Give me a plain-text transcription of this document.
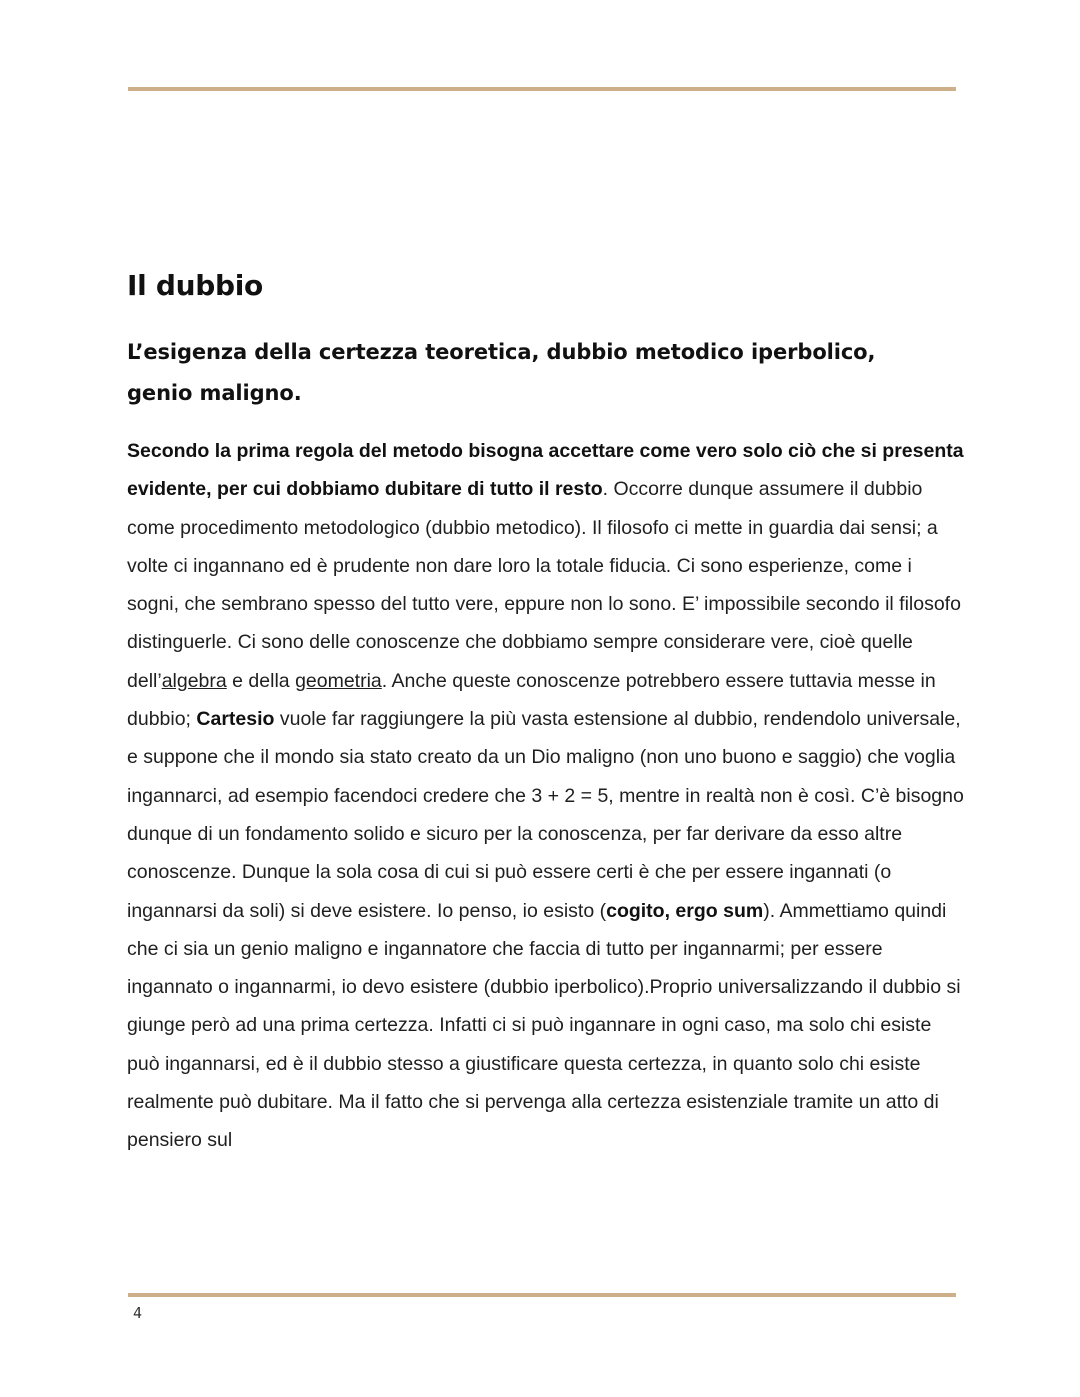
Il dubbio
L’esigenza della certezza teoretica, dubbio metodico iperbolico, genio maligno.

Secondo la prima regola del metodo bisogna accettare come vero solo ciò che si presenta evidente, per cui dobbiamo dubitare di tutto il resto. Occorre dunque assumere il dubbio come procedimento metodologico (dubbio metodico). Il filosofo ci mette in guardia dai sensi; a volte ci ingannano ed è prudente non dare loro la totale fiducia. Ci sono esperienze, come i sogni, che sembrano spesso del tutto vere, eppure non lo sono. E’ impossibile secondo il filosofo distinguerle. Ci sono delle conoscenze che dobbiamo sempre considerare vere, cioè quelle dell’algebra e della geometria. Anche queste conoscenze potrebbero essere tuttavia messe in dubbio; Cartesio vuole far raggiungere la più vasta estensione al dubbio, rendendolo universale, e suppone che il mondo sia stato creato da un Dio maligno (non uno buono e saggio) che voglia ingannarci, ad esempio facendoci credere che 3 + 2 = 5, mentre in realtà non è così. C’è bisogno dunque di un fondamento solido e sicuro per la conoscenza, per far derivare da esso altre conoscenze. Dunque la sola cosa di cui si può essere certi è che per essere ingannati (o ingannarsi da soli) si deve esistere. Io penso, io esisto (cogito, ergo sum). Ammettiamo quindi che ci sia un genio maligno e ingannatore che faccia di tutto per ingannarmi; per essere ingannato o ingannarmi, io devo esistere (dubbio iperbolico).Proprio universalizzando il dubbio si giunge però ad una prima certezza. Infatti ci si può ingannare in ogni caso, ma solo chi esiste può ingannarsi, ed è il dubbio stesso a giustificare questa certezza, in quanto solo chi esiste realmente può dubitare. Ma il fatto che si pervenga alla certezza esistenziale tramite un atto di pensiero sul

4
